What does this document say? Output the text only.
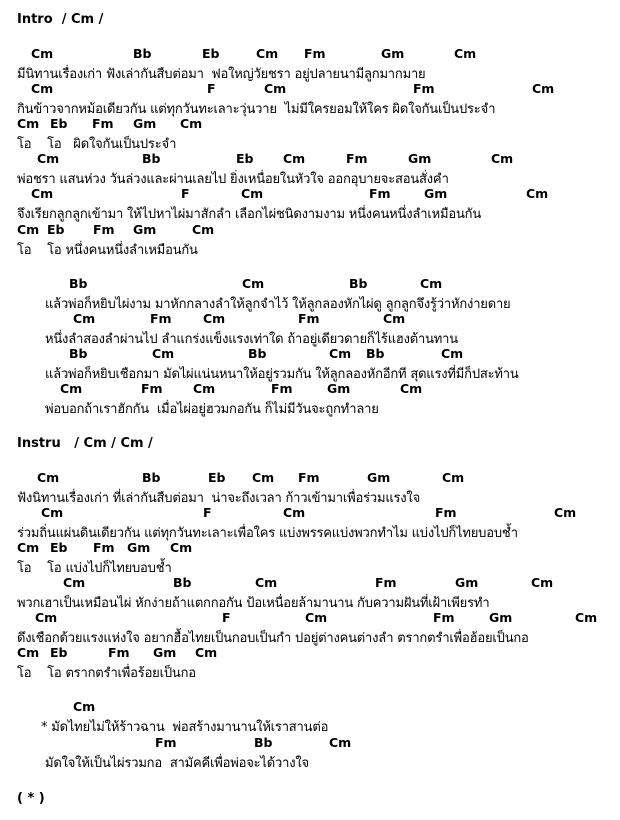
Intro  / Cm /
Cm	Bb	Eb	Cm Fm	Gm	Cm
มีนิทานเรื่องเก่า ฟังเล่ากันสืบต่อมา  ฟอใหญ่วัยชรา อยู่ปลายนามีลูกมากมาย
Cm	F	Cm	Fm	Cm
กินข้าวจากหม้อเดียวกัน แต่ทุกวันทะเลาะวุ่นวาย  ไม่มีใครยอมให้ใคร ผิดใจกันเป็นประจำ
Cm Eb Fm Gm Cm
โอ    โอ   ผิดใจกันเป็นประจำ
Cm	Bb	Eb Cm	Fm	Gm	Cm
พ่อชรา แสนห่วง วันล่วงและผ่านเลยไป ยิ่งเหนื่อยในหัวใจ ออกอุบายจะสอนสั่งคำ
Cm	F	Cm	Fm	Gm	Cm
จึงเรียกลูกลูกเข้ามา ให้ไปหาไผ่มาสักลำ เลือกไผ่ชนิดงามงาม หนึ่งคนหนึ่งลำเหมือนกัน
Cm Eb Fm Gm	Cm
โอ    โอ หนึ่งคนหนึ่งลำเหมือนกัน
Bb	Cm	Bb	Cm
แล้วพ่อก็หยิบไผ่งาม มาหักกลางลำให้ลูกจำไว้ ให้ลูกลองหักไผ่ดู ลูกลูกจึงรู้ว่าหักง่ายดาย
Cm	Fm	Cm	Fm	Cm
หนึ่งลำสองลำผ่านไป ลำแกร่งแข็งแรงเท่าใด ถ้าอยู่เดียวดายก็ไร้แฮงต้านทาน
Bb	Cm	Bb	Cm Bb	Cm
แล้วพ่อก็หยิบเชือกมา มัดไผ่แน่นหนาให้อยู่รวมกัน ให้ลูกลองหักอีกที สุดแรงที่มีก็ปสะท้าน
Cm	Fm Cm	Fm	Gm	Cm
พ่อบอกถ้าเราฮักกัน  เมื่อไผ่อยู่ฮวมกอกัน ก็ไม่มีวันจะถูกทำลาย
Cm	Bb	Eb Cm Fm	Gm	Cm
ฟังนิทานเรื่องเก่า ที่เล่ากันสืบต่อมา  น่าจะถึงเวลา ก้าวเข้ามาเพื่อร่วมแรงใจ
Cm	F	Cm	Fm	Cm
ร่วมถิ่นแผ่นดินเดียวกัน แต่ทุกวันทะเลาะเพื่อใคร แบ่งพรรคแบ่งพวกทำไม แบ่งไปก็ไทยบอบช้ำ
Cm Eb Fm Gm Cm
โอ    โอ แบ่งไปก็ไทยบอบช้ำ
Cm	Bb	Cm	Fm	Gm	Cm
พวกเฮาเป็นเหมือนไผ่ หักง่ายถ้าแตกกอกัน ป้อเหนื่อยล้ามานาน กับความฝันที่เฝ้าเพียรทำ
Cm	F	Cm	Fm	Gm	Cm
ดึงเชือกด้วยแรงแห่งใจ อยากฮื้อไทยเป็นกอบเป็นกำ ปอยู่ต่างคนต่างลำ ตรากตรำเพื่อฮ้อยเป็นกอ
Cm Eb	Fm Gm Cm
โอ    โอ ตรากตรำเพื่อร้อยเป็นกอ
Cm
* มัดไทยไม่ให้ร้าวฉาน  พ่อสร้างมานานให้เราสานต่อ
Fm	Bb	Cm
มัดใจให้เป็นไผ่รวมกอ  สามัคคีเพื่อพ่อจะได้วางใจ
Instru   / Cm / Cm /
( * )
